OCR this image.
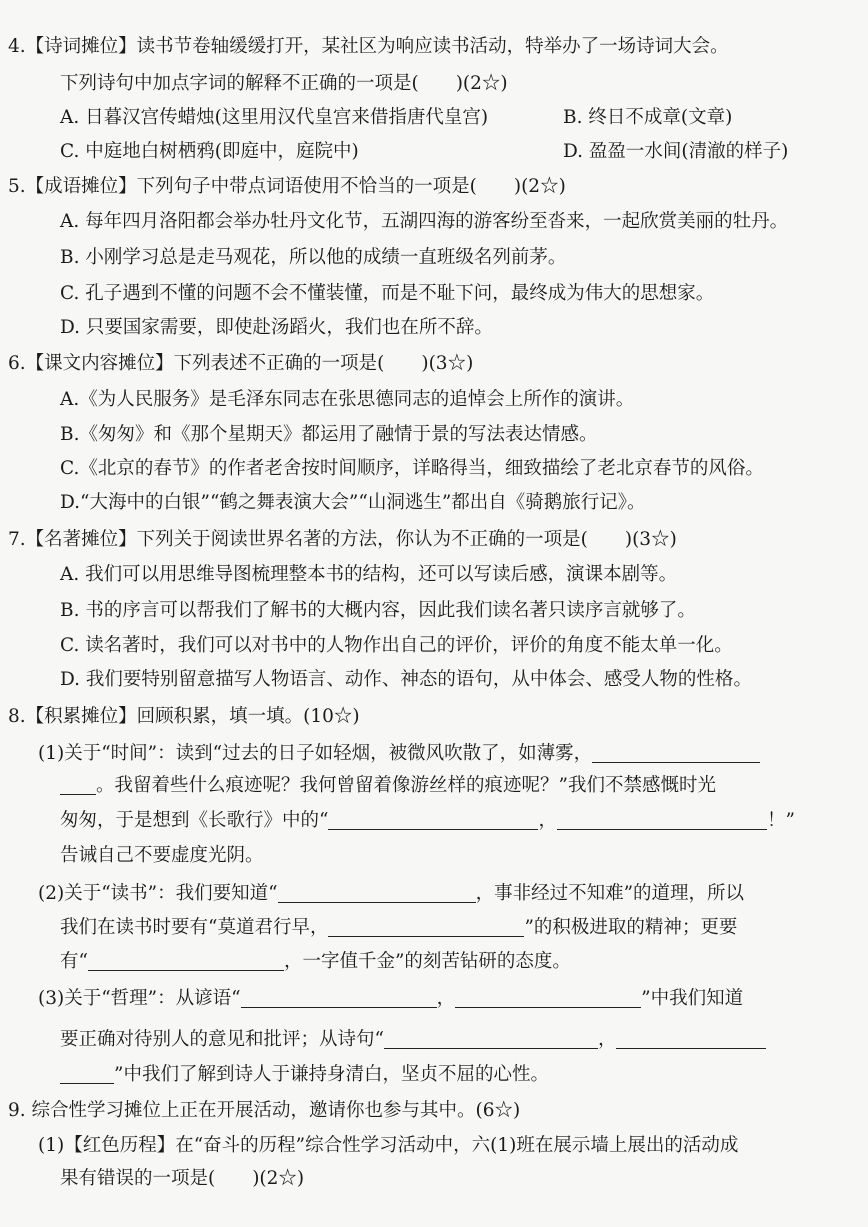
4.【诗词摊位】读书节卷轴缓缓打开，某社区为响应读书活动，特举办了一场诗词大会。
下列诗句中加点字词的解释不正确的一项是(　　)(2☆)
A. 日暮汉宫传蜡烛(这里用汉代皇宫来借指唐代皇宫)	B. 终日不成章(文章)
C. 中庭地白树栖鸦(即庭中，庭院中)	D. 盈盈一水间(清澈的样子)
5.【成语摊位】下列句子中带点词语使用不恰当的一项是(　　)(2☆)
A. 每年四月洛阳都会举办牡丹文化节，五湖四海的游客纷至沓来，一起欣赏美丽的牡丹。
B. 小刚学习总是走马观花，所以他的成绩一直班级名列前茅。
C. 孔子遇到不懂的问题不会不懂装懂，而是不耻下问，最终成为伟大的思想家。
D. 只要国家需要，即使赴汤蹈火，我们也在所不辞。
6.【课文内容摊位】下列表述不正确的一项是(　　)(3☆)
A.《为人民服务》是毛泽东同志在张思德同志的追悼会上所作的演讲。
B.《匆匆》和《那个星期天》都运用了融情于景的写法表达情感。
C.《北京的春节》的作者老舍按时间顺序，详略得当，细致描绘了老北京春节的风俗。
D.“大海中的白银”“鹤之舞表演大会”“山洞逃生”都出自《骑鹅旅行记》。
7.【名著摊位】下列关于阅读世界名著的方法，你认为不正确的一项是(　　)(3☆)
A. 我们可以用思维导图梳理整本书的结构，还可以写读后感，演课本剧等。
B. 书的序言可以帮我们了解书的大概内容，因此我们读名著只读序言就够了。
C. 读名著时，我们可以对书中的人物作出自己的评价，评价的角度不能太单一化。
D. 我们要特别留意描写人物语言、动作、神态的语句，从中体会、感受人物的性格。
8.【积累摊位】回顾积累，填一填。(10☆)
(1)关于“时间”：读到“过去的日子如轻烟，被微风吹散了，如薄雾，
。我留着些什么痕迹呢？我何曾留着像游丝样的痕迹呢？”我们不禁感慨时光
匆匆，于是想到《长歌行》中的“	，	！”
告诫自己不要虚度光阴。
(2)关于“读书”：我们要知道“	，事非经过不知难”的道理，所以
我们在读书时要有“莫道君行早，	”的积极进取的精神；更要
有“	，一字值千金”的刻苦钻研的态度。
(3)关于“哲理”：从谚语“	，	”中我们知道
要正确对待别人的意见和批评；从诗句“	，
”中我们了解到诗人于谦持身清白，坚贞不屈的心性。
9. 综合性学习摊位上正在开展活动，邀请你也参与其中。(6☆)
(1)【红色历程】在“奋斗的历程”综合性学习活动中，六(1)班在展示墙上展出的活动成
果有错误的一项是(　　)(2☆)
